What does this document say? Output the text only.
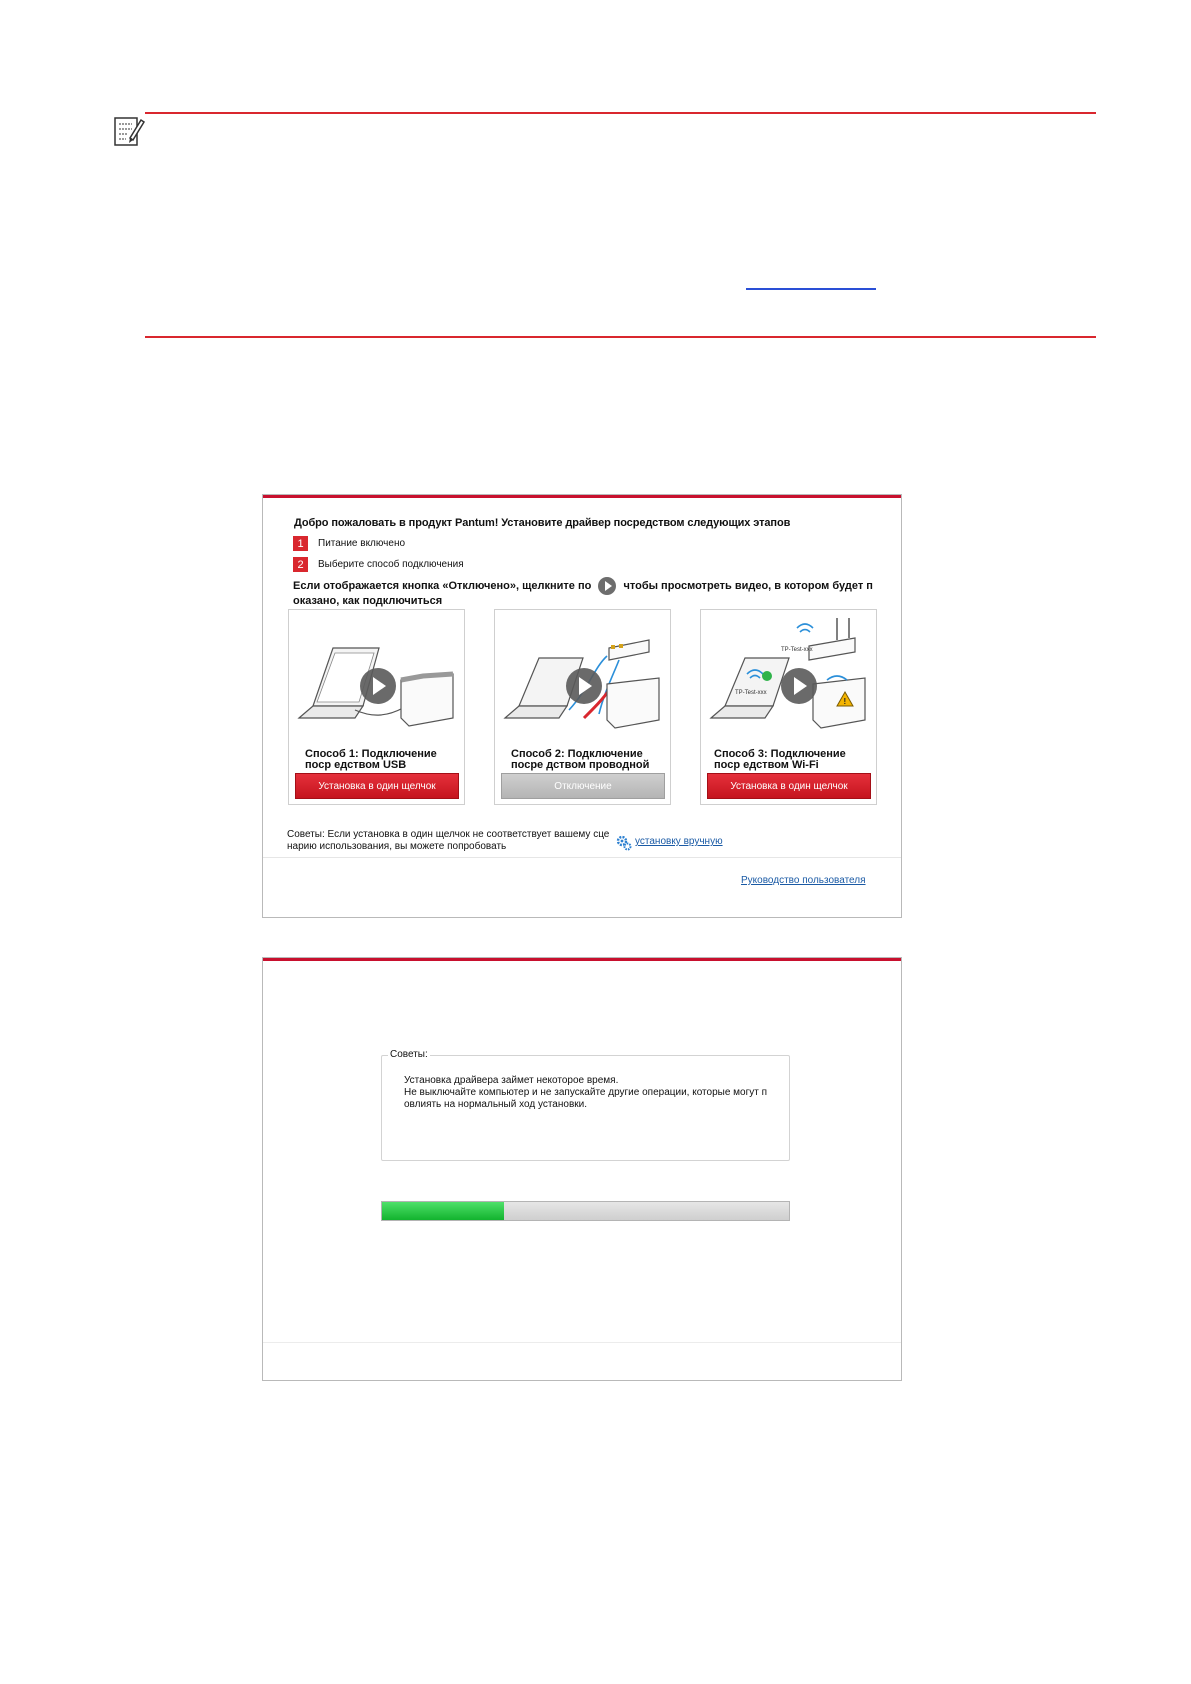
Добро пожаловать в продукт Pantum! Установите драйвер посредством следующих этапов
1	Питание включено
2	Выберите способ подключения
Если отображается кнопка «Отключено», щелкните по	чтобы просмотреть видео, в котором будет п оказано, как подключиться
Способ 1: Подключение поср едством USB
Установка в один щелчок
Способ 2: Подключение посре дством проводной
Отключение
TP-Test-xxx
TP-Test-xxx
!
Способ 3: Подключение поср едством Wi-Fi
Установка в один щелчок
Советы: Если установка в один щелчок не соответствует вашему сце нарию использования, вы можете попробовать	установку вручную
Руководство пользователя
Советы:
Установка драйвера займет некоторое время.
Не выключайте компьютер и не запускайте другие операции, которые могут п овлиять на нормальный ход установки.
